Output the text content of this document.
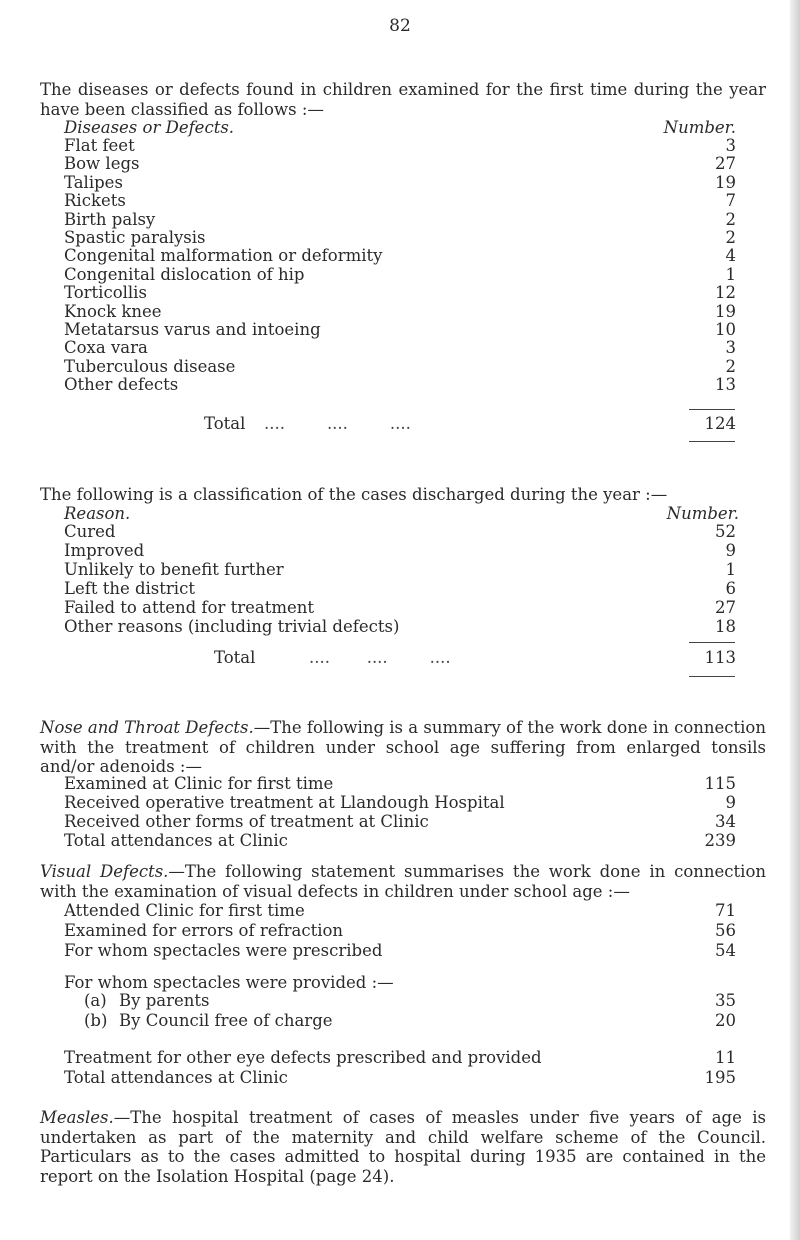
82
The diseases or defects found in children examined for the first time during the year have been classified as follows :—
Diseases or Defects.	Number.
Flat feet	3
Bow legs	27
Talipes	19
Rickets	7
Birth palsy	2
Spastic paralysis	2
Congenital malformation or deformity	4
Congenital dislocation of hip	1
Torticollis	12
Knock knee	19
Metatarsus varus and intoeing	10
Coxa vara	3
Tuberculous disease	2
Other defects	13
Total ....        ....        ....	124
The following is a classification of the cases discharged during the year :—
Reason.	Number.
Cured	52
Improved	9
Unlikely to benefit further	1
Left the district	6
Failed to attend for treatment	27
Other reasons (including trivial defects)	18
Total	....       ....        ....	113
Nose and Throat Defects.—The following is a summary of the work done in connection with the treatment of children under school age suffering from enlarged tonsils and/or adenoids :—
Examined at Clinic for first time	115
Received operative treatment at Llandough Hospital	9
Received other forms of treatment at Clinic	34
Total attendances at Clinic	239
Visual Defects.—The following statement summarises the work done in connection with the examination of visual defects in children under school age :—
Attended Clinic for first time	71
Examined for errors of refraction	56
For whom spectacles were prescribed	54
For whom spectacles were provided :—
(a) By parents	35
(b) By Council free of charge	20
Treatment for other eye defects prescribed and provided	11
Total attendances at Clinic	195
Measles.—The hospital treatment of cases of measles under five years of age is undertaken as part of the maternity and child welfare scheme of the Council. Particulars as to the cases admitted to hospital during 1935 are contained in the report on the Isolation Hospital (page 24).
